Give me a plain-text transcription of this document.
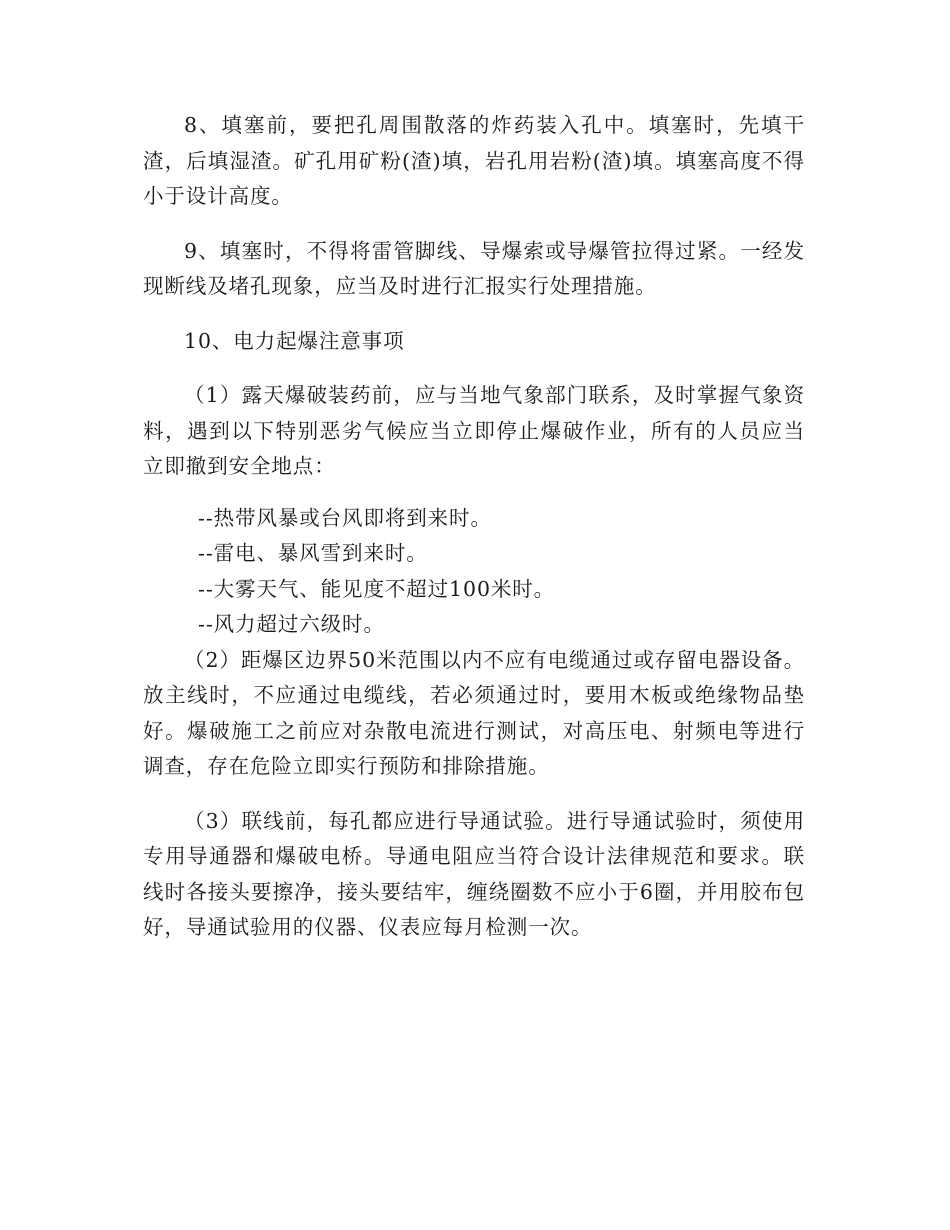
8、填塞前，要把孔周围散落的炸药装入孔中。填塞时，先填干渣，后填湿渣。矿孔用矿粉(渣)填，岩孔用岩粉(渣)填。填塞高度不得小于设计高度。

9、填塞时，不得将雷管脚线、导爆索或导爆管拉得过紧。一经发现断线及堵孔现象，应当及时进行汇报实行处理措施。

10、电力起爆注意事项

（1）露天爆破装药前，应与当地气象部门联系，及时掌握气象资料，遇到以下特别恶劣气候应当立即停止爆破作业，所有的人员应当立即撤到安全地点：

--热带风暴或台风即将到来时。

--雷电、暴风雪到来时。

--大雾天气、能见度不超过100米时。

--风力超过六级时。

（2）距爆区边界50米范围以内不应有电缆通过或存留电器设备。放主线时，不应通过电缆线，若必须通过时，要用木板或绝缘物品垫好。爆破施工之前应对杂散电流进行测试，对高压电、射频电等进行调查，存在危险立即实行预防和排除措施。

（3）联线前，每孔都应进行导通试验。进行导通试验时，须使用专用导通器和爆破电桥。导通电阻应当符合设计法律规范和要求。联线时各接头要擦净，接头要结牢，缠绕圈数不应小于6圈，并用胶布包好，导通试验用的仪器、仪表应每月检测一次。
